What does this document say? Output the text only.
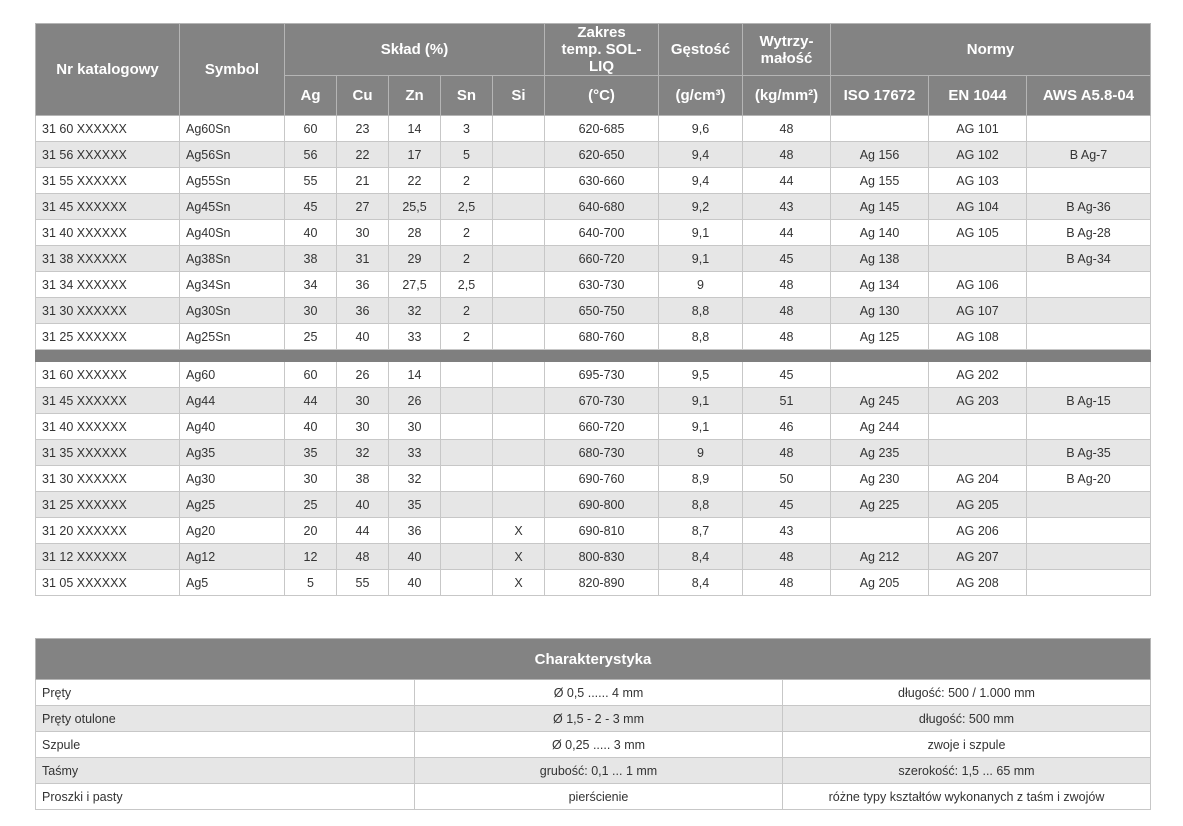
Nr katalogowy	Symbol	Skład (%)					Zakres temp. SOL-LIQ	Gęstość	Wytrzy-
małość	Normy		
		Ag	Cu	Zn	Sn	Si	(°C)	(g/cm³)	(kg/mm²)	ISO 17672	EN 1044	AWS A5.8-04
31 60 XXXXXX	Ag60Sn	60	23	14	3		620-685	9,6	48		AG 101	
31 56 XXXXXX	Ag56Sn	56	22	17	5		620-650	9,4	48	Ag 156	AG 102	B Ag-7
31 55 XXXXXX	Ag55Sn	55	21	22	2		630-660	9,4	44	Ag 155	AG 103	
31 45 XXXXXX	Ag45Sn	45	27	25,5	2,5		640-680	9,2	43	Ag 145	AG 104	B Ag-36
31 40 XXXXXX	Ag40Sn	40	30	28	2		640-700	9,1	44	Ag 140	AG 105	B Ag-28
31 38 XXXXXX	Ag38Sn	38	31	29	2		660-720	9,1	45	Ag 138		B Ag-34
31 34 XXXXXX	Ag34Sn	34	36	27,5	2,5		630-730	9	48	Ag 134	AG 106	
31 30 XXXXXX	Ag30Sn	30	36	32	2		650-750	8,8	48	Ag 130	AG 107	
31 25 XXXXXX	Ag25Sn	25	40	33	2		680-760	8,8	48	Ag 125	AG 108	

31 60 XXXXXX	Ag60	60	26	14			695-730	9,5	45		AG 202	
31 45 XXXXXX	Ag44	44	30	26			670-730	9,1	51	Ag 245	AG 203	B Ag-15
31 40 XXXXXX	Ag40	40	30	30			660-720	9,1	46	Ag 244		
31 35 XXXXXX	Ag35	35	32	33			680-730	9	48	Ag 235		B Ag-35
31 30 XXXXXX	Ag30	30	38	32			690-760	8,9	50	Ag 230	AG 204	B Ag-20
31 25 XXXXXX	Ag25	25	40	35			690-800	8,8	45	Ag 225	AG 205	
31 20 XXXXXX	Ag20	20	44	36		X	690-810	8,7	43		AG 206	
31 12 XXXXXX	Ag12	12	48	40		X	800-830	8,4	48	Ag 212	AG 207	
31 05 XXXXXX	Ag5	5	55	40		X	820-890	8,4	48	Ag 205	AG 208	
Charakterystyka		
Pręty	Ø 0,5 ...... 4 mm	długość: 500 / 1.000 mm
Pręty otulone	Ø 1,5 - 2 - 3 mm	długość: 500 mm
Szpule	Ø 0,25 ..... 3 mm	zwoje i szpule
Taśmy	grubość: 0,1 ... 1 mm	szerokość: 1,5 ... 65 mm
Proszki i pasty	pierścienie	różne typy kształtów wykonanych z taśm i zwojów
